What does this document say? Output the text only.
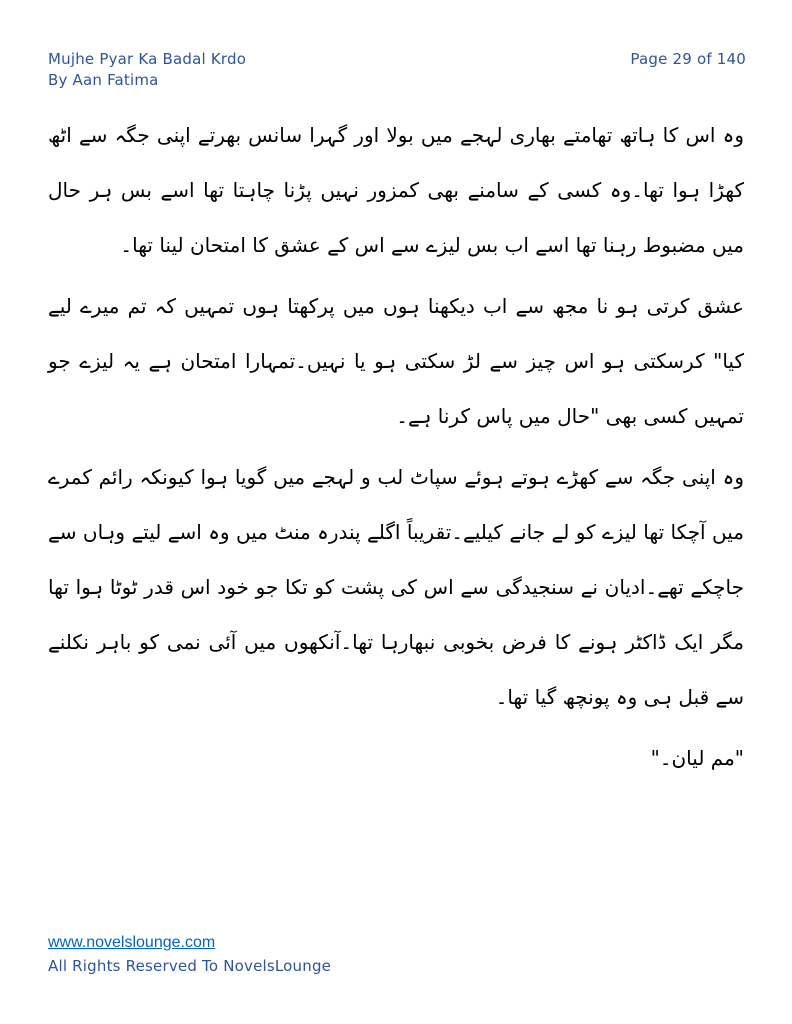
Mujhe Pyar Ka Badal Krdo
By Aan Fatima
Page 29 of 140

وہ اس کا ہاتھ تھامتے بھاری لہجے میں بولا اور گہرا سانس بھرتے اپنی جگہ سے اٹھ کھڑا ہوا تھا۔وہ کسی کے سامنے بھی کمزور نہیں پڑنا چاہتا تھا اسے بس ہر حال میں مضبوط رہنا تھا اسے اب بس لیزے سے اس کے عشق کا امتحان لینا تھا۔

عشق کرتی ہو نا مجھ سے اب دیکھنا ہوں میں پرکھتا ہوں تمہیں کہ تم میرے لیے کیا" کرسکتی ہو اس چیز سے لڑ سکتی ہو یا نہیں۔تمہارا امتحان ہے یہ لیزے جو تمہیں کسی بھی "حال میں پاس کرنا ہے۔

وہ اپنی جگہ سے کھڑے ہوتے ہوئے سپاٹ لب و لہجے میں گویا ہوا کیونکہ رائم کمرے میں آچکا تھا لیزے کو لے جانے کیلیے۔تقریباً اگلے پندرہ منٹ میں وہ اسے لیتے وہاں سے جاچکے تھے۔ادیان نے سنجیدگی سے اس کی پشت کو تکا جو خود اس قدر ٹوٹا ہوا تھا مگر ایک ڈاکٹر ہونے کا فرض بخوبی نبھارہا تھا۔آنکھوں میں آئی نمی کو باہر نکلنے سے قبل ہی وہ پونچھ گیا تھا۔

"مم لیان۔"

www.novelslounge.com
All Rights Reserved To NovelsLounge
